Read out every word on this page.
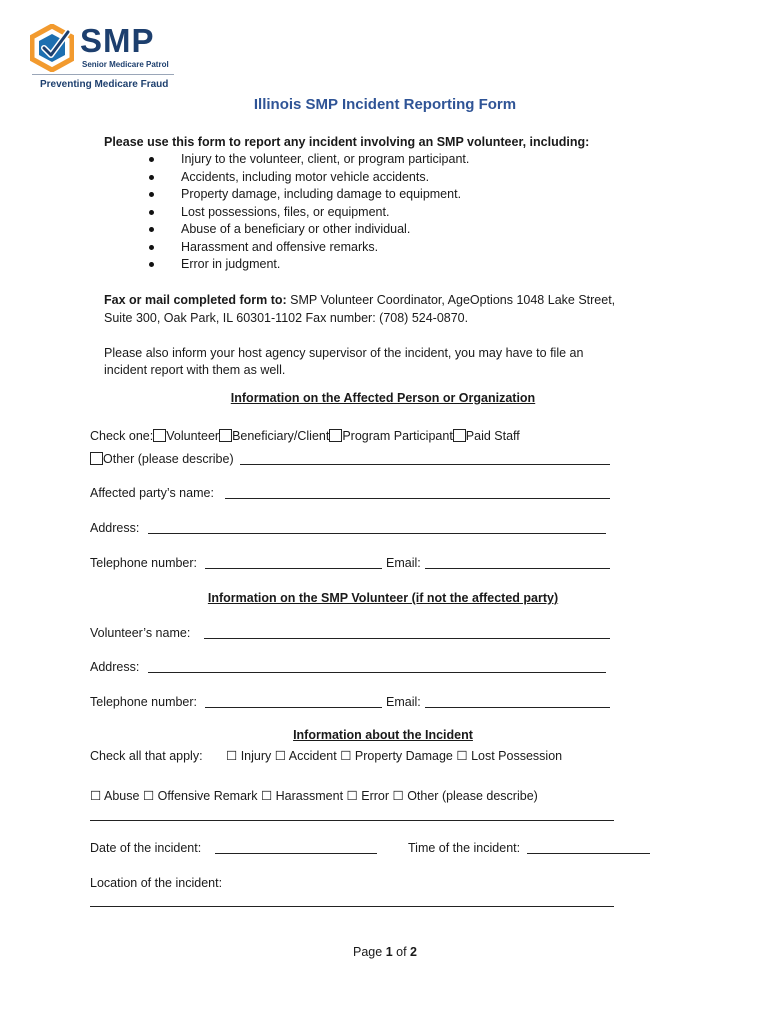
SMP
Senior Medicare Patrol
Preventing Medicare Fraud
Illinois SMP Incident Reporting Form
Please use this form to report any incident involving an SMP volunteer, including:
Injury to the volunteer, client, or program participant.
Accidents, including motor vehicle accidents.
Property damage, including damage to equipment.
Lost possessions, files, or equipment.
Abuse of a beneficiary or other individual.
Harassment and offensive remarks.
Error in judgment.
Fax or mail completed form to: SMP Volunteer Coordinator, AgeOptions 1048 Lake Street,
Suite 300, Oak Park, IL 60301-1102 Fax number: (708) 524-0870.
Please also inform your host agency supervisor of the incident, you may have to file an
incident report with them as well.
Information on the Affected Person or Organization
Check one: Volunteer Beneficiary/Client Program Participant Paid Staff
Other (please describe)
Affected party’s name:
Address:
Telephone number:	Email:
Information on the SMP Volunteer (if not the affected party)
Volunteer’s name:
Address:
Telephone number:	Email:
Information about the Incident
Check all that apply: ☐ Injury ☐ Accident ☐ Property Damage ☐ Lost Possession
☐ Abuse ☐ Offensive Remark ☐ Harassment ☐ Error ☐ Other (please describe)
Date of the incident:	Time of the incident:
Location of the incident:
Page 1 of 2
